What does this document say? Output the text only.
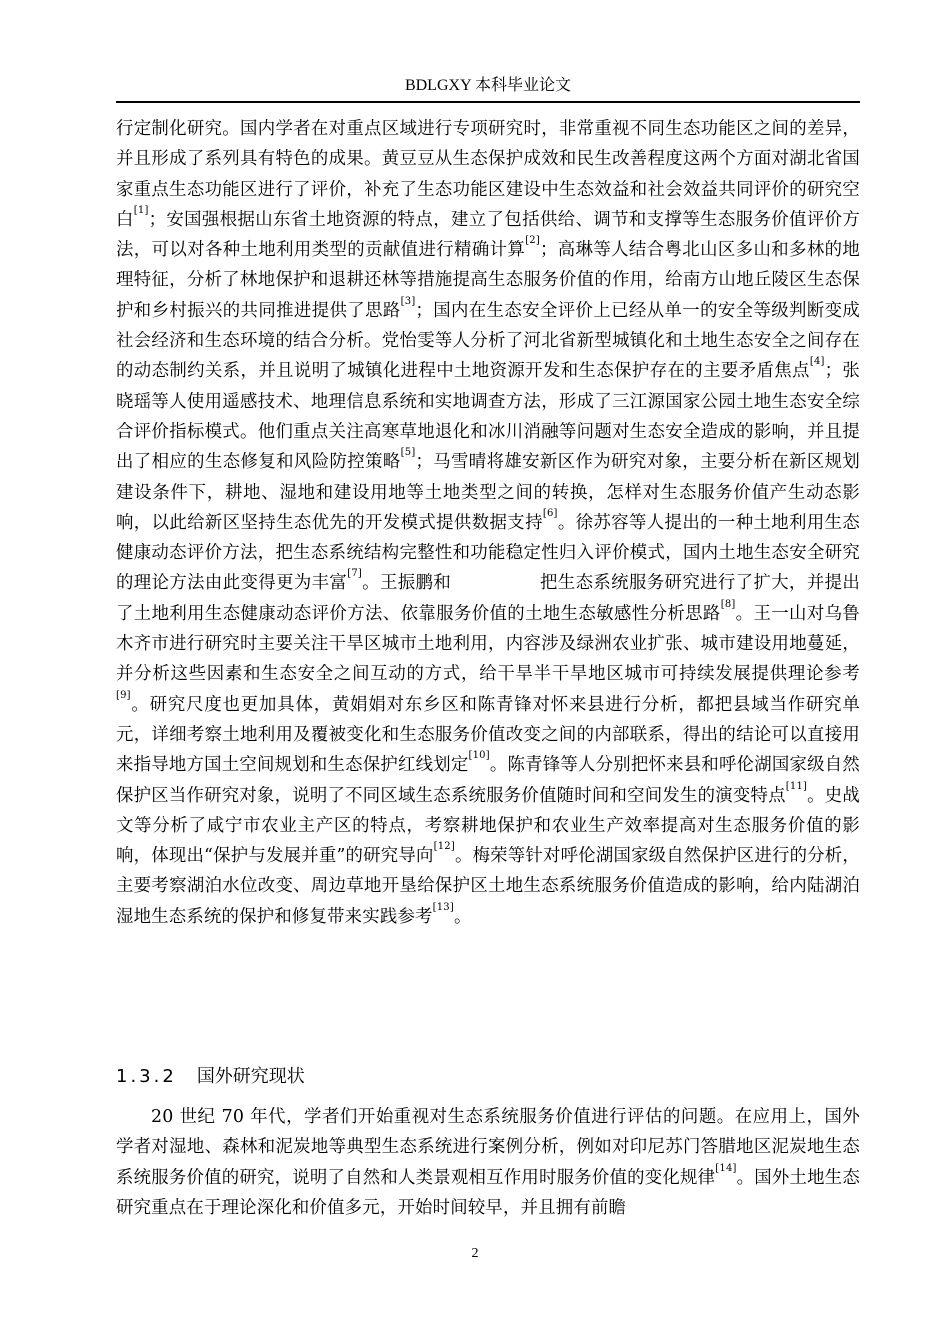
BDLGXY 本科毕业论文

行定制化研究。国内学者在对重点区域进行专项研究时，非常重视不同生态功能区之间的差异，并且形成了系列具有特色的成果。黄豆豆从生态保护成效和民生改善程度这两个方面对湖北省国家重点生态功能区进行了评价，补充了生态功能区建设中生态效益和社会效益共同评价的研究空白[1]；安国强根据山东省土地资源的特点，建立了包括供给、调节和支撑等生态服务价值评价方法，可以对各种土地利用类型的贡献值进行精确计算[2]；高琳等人结合粤北山区多山和多林的地理特征，分析了林地保护和退耕还林等措施提高生态服务价值的作用，给南方山地丘陵区生态保护和乡村振兴的共同推进提供了思路[3]；国内在生态安全评价上已经从单一的安全等级判断变成社会经济和生态环境的结合分析。党怡雯等人分析了河北省新型城镇化和土地生态安全之间存在的动态制约关系，并且说明了城镇化进程中土地资源开发和生态保护存在的主要矛盾焦点[4]；张晓瑶等人使用遥感技术、地理信息系统和实地调查方法，形成了三江源国家公园土地生态安全综合评价指标模式。他们重点关注高寒草地退化和冰川消融等问题对生态安全造成的影响，并且提出了相应的生态修复和风险防控策略[5]；马雪晴将雄安新区作为研究对象，主要分析在新区规划建设条件下，耕地、湿地和建设用地等土地类型之间的转换，怎样对生态服务价值产生动态影响，以此给新区坚持生态优先的开发模式提供数据支持[6]。徐苏容等人提出的一种土地利用生态健康动态评价方法，把生态系统结构完整性和功能稳定性归入评价模式，国内土地生态安全研究的理论方法由此变得更为丰富[7]。王振鹏和　　　　　把生态系统服务研究进行了扩大，并提出了土地利用生态健康动态评价方法、依靠服务价值的土地生态敏感性分析思路[8]。王一山对乌鲁木齐市进行研究时主要关注干旱区城市土地利用，内容涉及绿洲农业扩张、城市建设用地蔓延，并分析这些因素和生态安全之间互动的方式，给干旱半干旱地区城市可持续发展提供理论参考[9]。研究尺度也更加具体，黄娟娟对东乡区和陈青锋对怀来县进行分析，都把县域当作研究单元，详细考察土地利用及覆被变化和生态服务价值改变之间的内部联系，得出的结论可以直接用来指导地方国土空间规划和生态保护红线划定[10]。陈青锋等人分别把怀来县和呼伦湖国家级自然保护区当作研究对象，说明了不同区域生态系统服务价值随时间和空间发生的演变特点[11]。史战文等分析了咸宁市农业主产区的特点，考察耕地保护和农业生产效率提高对生态服务价值的影响，体现出“保护与发展并重”的研究导向[12]。梅荣等针对呼伦湖国家级自然保护区进行的分析，主要考察湖泊水位改变、周边草地开垦给保护区土地生态系统服务价值造成的影响，给内陆湖泊湿地生态系统的保护和修复带来实践参考[13]。

1.3.2 国外研究现状

20 世纪 70 年代，学者们开始重视对生态系统服务价值进行评估的问题。在应用上，国外学者对湿地、森林和泥炭地等典型生态系统进行案例分析，例如对印尼苏门答腊地区泥炭地生态系统服务价值的研究，说明了自然和人类景观相互作用时服务价值的变化规律[14]。国外土地生态研究重点在于理论深化和价值多元，开始时间较早，并且拥有前瞻

2
